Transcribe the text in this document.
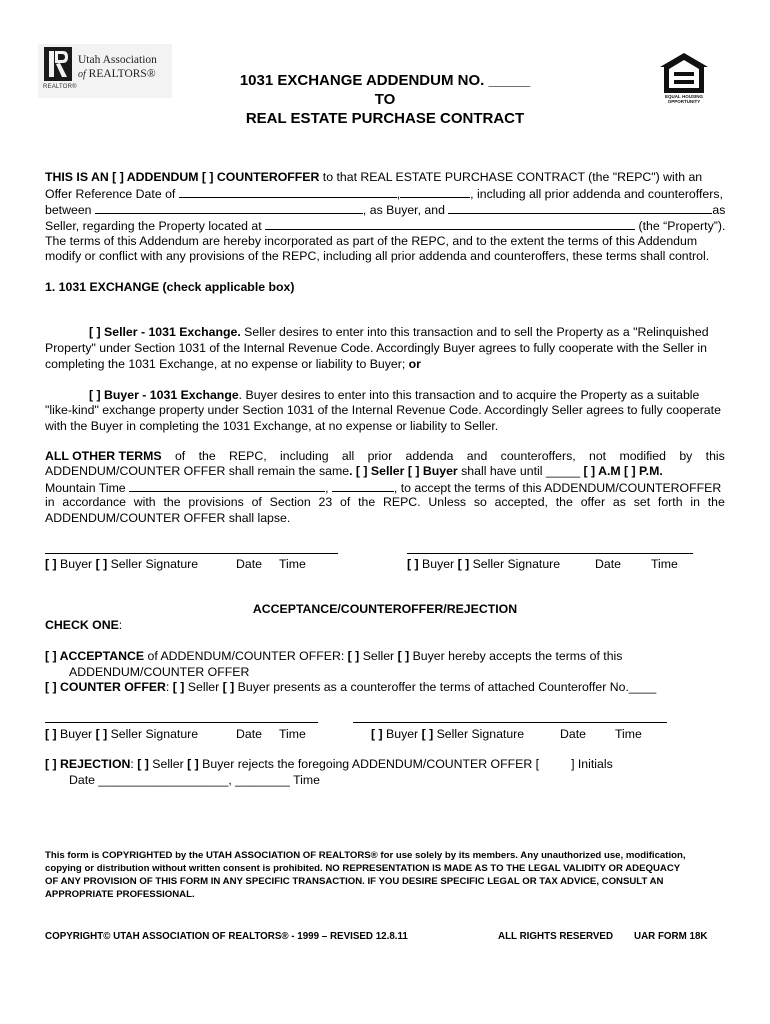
Utah Association
of REALTORS®
REALTOR®
EQUAL HOUSING
OPPORTUNITY
1031 EXCHANGE ADDENDUM NO. _____
TO
REAL ESTATE PURCHASE CONTRACT
THIS IS AN [ ] ADDENDUM [ ] COUNTEROFFER to that REAL ESTATE PURCHASE CONTRACT (the "REPC") with an
Offer Reference Date of	,	, including all prior addenda and counteroffers,
between	, as Buyer, and	as
Seller, regarding the Property located at	(the “Property”).
The terms of this Addendum are hereby incorporated as part of the REPC, and to the extent the terms of this Addendum
modify or conflict with any provisions of the REPC, including all prior addenda and counteroffers, these terms shall control.
1. 1031 EXCHANGE (check applicable box)
[ ] Seller - 1031 Exchange. Seller desires to enter into this transaction and to sell the Property as a "Relinquished
Property" under Section 1031 of the Internal Revenue Code. Accordingly Buyer agrees to fully cooperate with the Seller in
completing the 1031 Exchange, at no expense or liability to Buyer; or
[ ] Buyer - 1031 Exchange. Buyer desires to enter into this transaction and to acquire the Property as a suitable
"like-kind" exchange property under Section 1031 of the Internal Revenue Code. Accordingly Seller agrees to fully cooperate
with the Buyer in completing the 1031 Exchange, at no expense or liability to Seller.
ALL OTHER TERMS of the REPC, including all prior addenda and counteroffers, not modified by this
ADDENDUM/COUNTER OFFER shall remain the same. [ ] Seller [ ] Buyer shall have until _____ [ ] A.M [ ] P.M.
Mountain Time	,	, to accept the terms of this ADDENDUM/COUNTEROFFER
in accordance with the provisions of Section 23 of the REPC. Unless so accepted, the offer as set forth in the
ADDENDUM/COUNTER OFFER shall lapse.
[ ] Buyer [ ] Seller Signature	Date Time	[ ] Buyer [ ] Seller Signature	Date Time
ACCEPTANCE/COUNTEROFFER/REJECTION
CHECK ONE:
[ ] ACCEPTANCE of ADDENDUM/COUNTER OFFER: [ ] Seller [ ] Buyer hereby accepts the terms of this
ADDENDUM/COUNTER OFFER
[ ] COUNTER OFFER: [ ] Seller [ ] Buyer presents as a counteroffer the terms of attached Counteroffer No.____
[ ] Buyer [ ] Seller Signature	Date Time	[ ] Buyer [ ] Seller Signature	Date Time
[ ] REJECTION: [ ] Seller [ ] Buyer rejects the foregoing ADDENDUM/COUNTER OFFER [	] Initials
Date ___________________, ________ Time
This form is COPYRIGHTED by the UTAH ASSOCIATION OF REALTORS® for use solely by its members. Any unauthorized use, modification,
copying or distribution without written consent is prohibited. NO REPRESENTATION IS MADE AS TO THE LEGAL VALIDITY OR ADEQUACY
OF ANY PROVISION OF THIS FORM IN ANY SPECIFIC TRANSACTION. IF YOU DESIRE SPECIFIC LEGAL OR TAX ADVICE, CONSULT AN
APPROPRIATE PROFESSIONAL.
COPYRIGHT© UTAH ASSOCIATION OF REALTORS® - 1999 – REVISED 12.8.11	ALL RIGHTS RESERVED UAR FORM 18K
